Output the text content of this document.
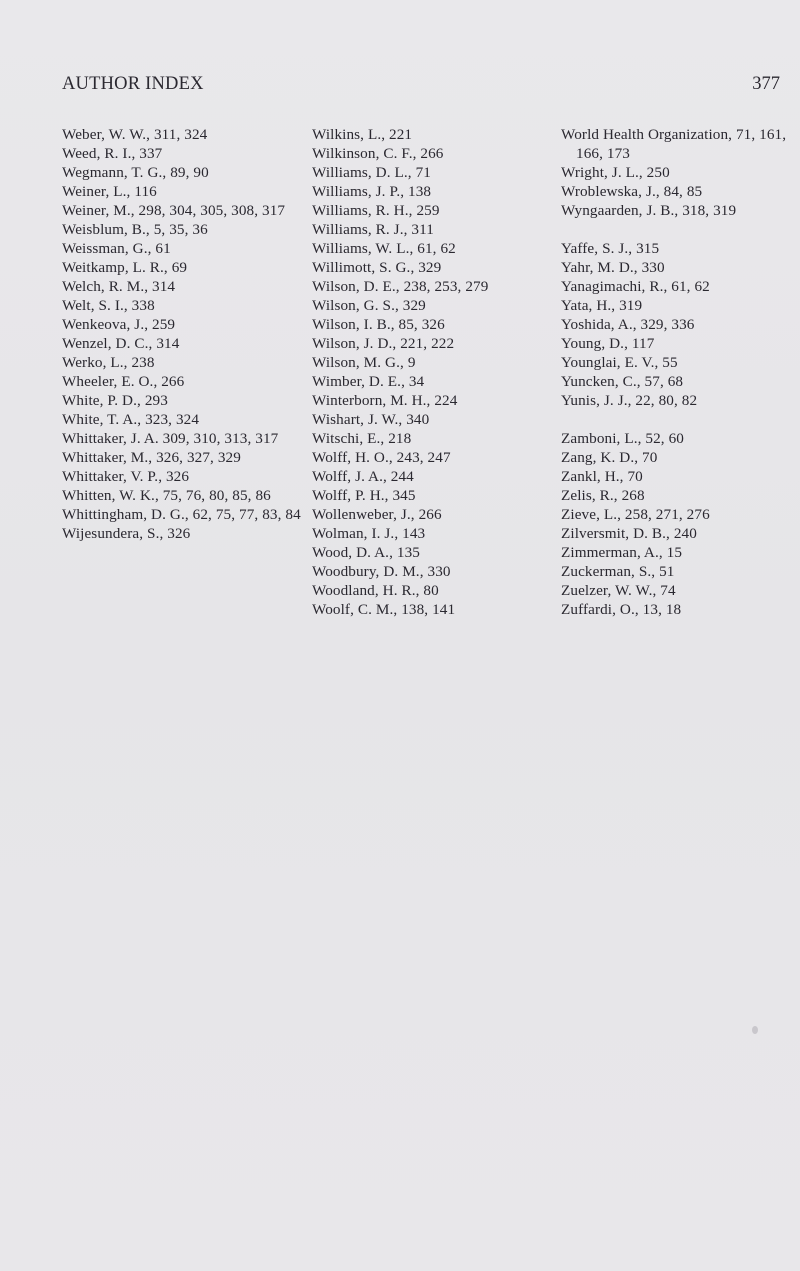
AUTHOR INDEX	377
Weber, W. W., 311, 324
Weed, R. I., 337
Wegmann, T. G., 89, 90
Weiner, L., 116
Weiner, M., 298, 304, 305, 308, 317
Weisblum, B., 5, 35, 36
Weissman, G., 61
Weitkamp, L. R., 69
Welch, R. M., 314
Welt, S. I., 338
Wenkeova, J., 259
Wenzel, D. C., 314
Werko, L., 238
Wheeler, E. O., 266
White, P. D., 293
White, T. A., 323, 324
Whittaker, J. A. 309, 310, 313, 317
Whittaker, M., 326, 327, 329
Whittaker, V. P., 326
Whitten, W. K., 75, 76, 80, 85, 86
Whittingham, D. G., 62, 75, 77, 83, 84
Wijesundera, S., 326
Wilkins, L., 221
Wilkinson, C. F., 266
Williams, D. L., 71
Williams, J. P., 138
Williams, R. H., 259
Williams, R. J., 311
Williams, W. L., 61, 62
Willimott, S. G., 329
Wilson, D. E., 238, 253, 279
Wilson, G. S., 329
Wilson, I. B., 85, 326
Wilson, J. D., 221, 222
Wilson, M. G., 9
Wimber, D. E., 34
Winterborn, M. H., 224
Wishart, J. W., 340
Witschi, E., 218
Wolff, H. O., 243, 247
Wolff, J. A., 244
Wolff, P. H., 345
Wollenweber, J., 266
Wolman, I. J., 143
Wood, D. A., 135
Woodbury, D. M., 330
Woodland, H. R., 80
Woolf, C. M., 138, 141
World Health Organization, 71, 161, 166, 173
Wright, J. L., 250
Wroblewska, J., 84, 85
Wyngaarden, J. B., 318, 319
Yaffe, S. J., 315
Yahr, M. D., 330
Yanagimachi, R., 61, 62
Yata, H., 319
Yoshida, A., 329, 336
Young, D., 117
Younglai, E. V., 55
Yuncken, C., 57, 68
Yunis, J. J., 22, 80, 82
Zamboni, L., 52, 60
Zang, K. D., 70
Zankl, H., 70
Zelis, R., 268
Zieve, L., 258, 271, 276
Zilversmit, D. B., 240
Zimmerman, A., 15
Zuckerman, S., 51
Zuelzer, W. W., 74
Zuffardi, O., 13, 18
